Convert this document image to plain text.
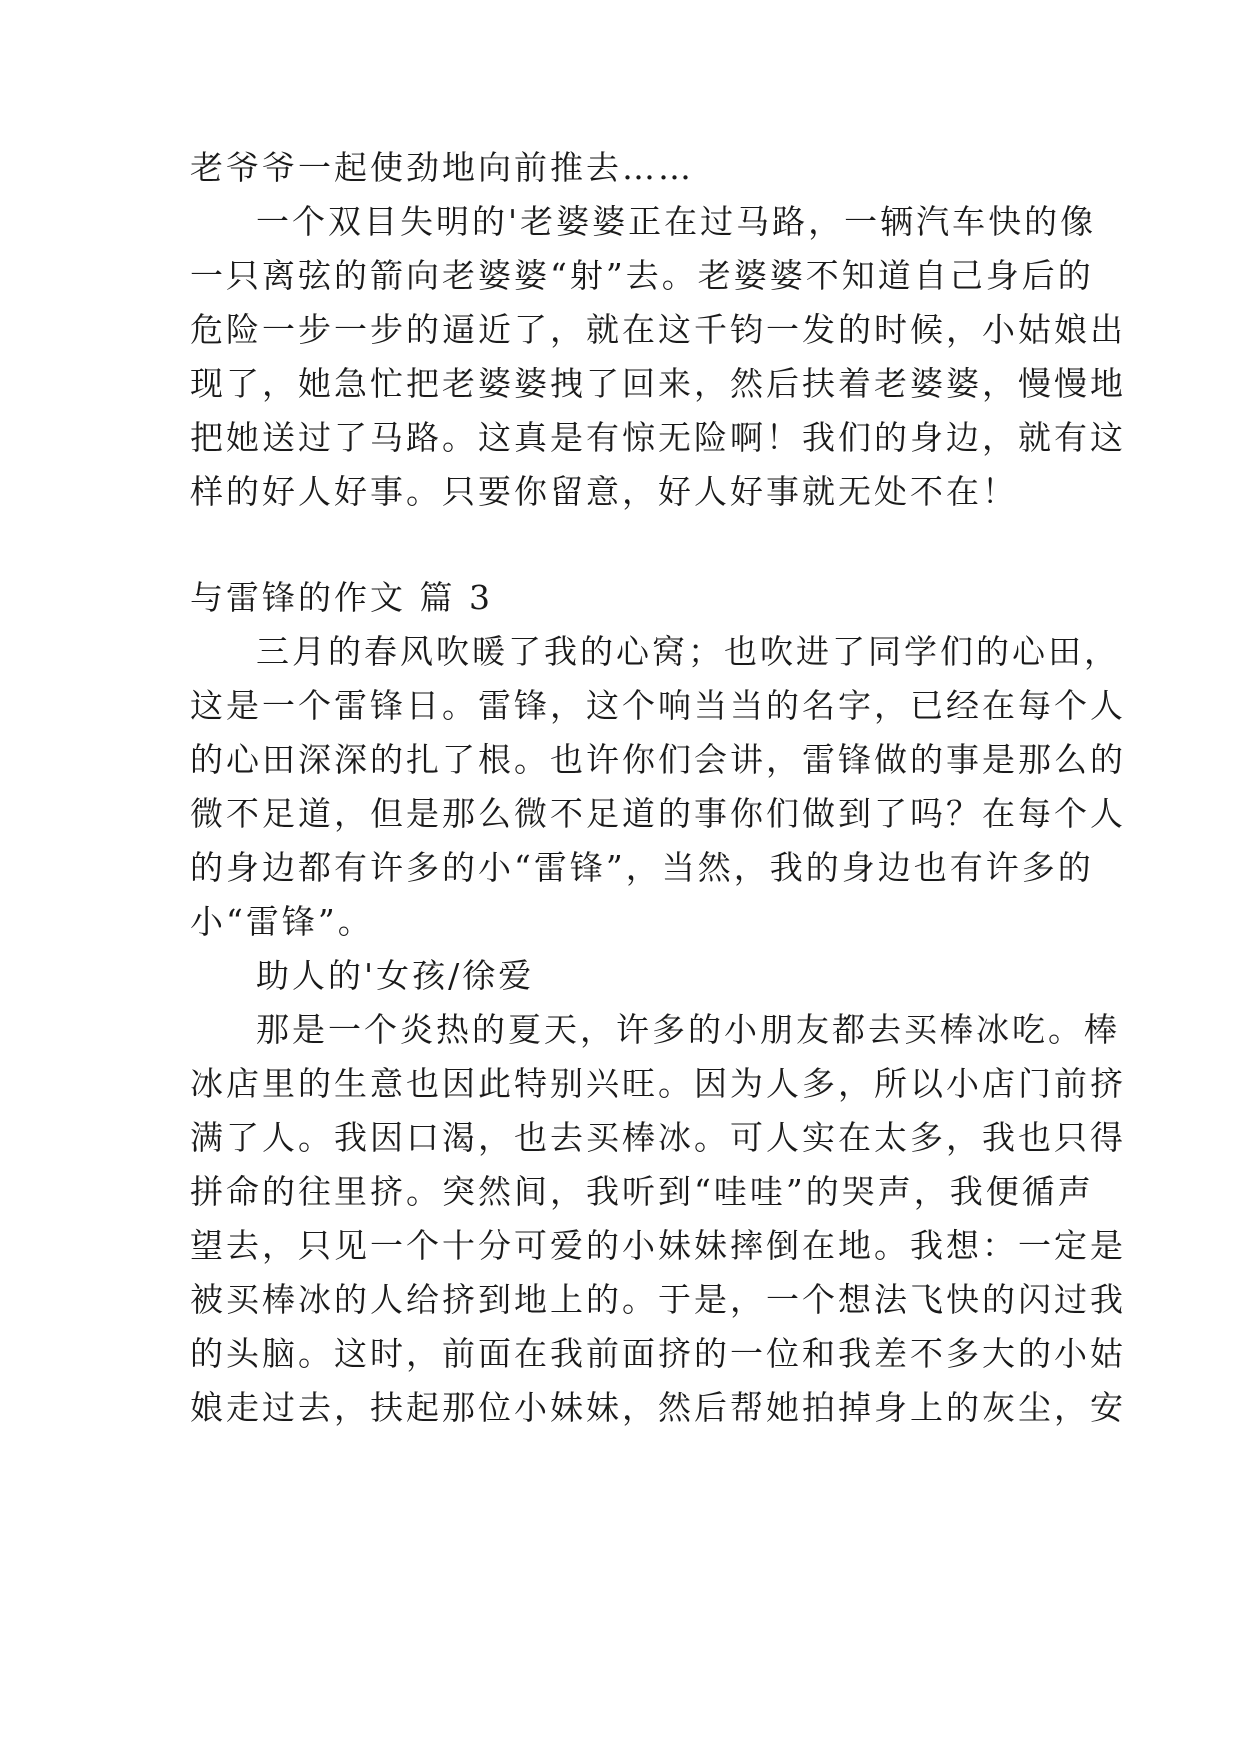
老爷爷一起使劲地向前推去……
一个双目失明的'老婆婆正在过马路，一辆汽车快的像
一只离弦的箭向老婆婆“射”去。老婆婆不知道自己身后的
危险一步一步的逼近了，就在这千钧一发的时候，小姑娘出
现了，她急忙把老婆婆拽了回来，然后扶着老婆婆，慢慢地
把她送过了马路。这真是有惊无险啊！我们的身边，就有这
样的好人好事。只要你留意，好人好事就无处不在！
与雷锋的作文 篇 3
三月的春风吹暖了我的心窝；也吹进了同学们的心田，
这是一个雷锋日。雷锋，这个响当当的名字，已经在每个人
的心田深深的扎了根。也许你们会讲，雷锋做的事是那么的
微不足道，但是那么微不足道的事你们做到了吗？在每个人
的身边都有许多的小“雷锋”，当然，我的身边也有许多的
小“雷锋”。
助人的'女孩/徐爱
那是一个炎热的夏天，许多的小朋友都去买棒冰吃。棒
冰店里的生意也因此特别兴旺。因为人多，所以小店门前挤
满了人。我因口渴，也去买棒冰。可人实在太多，我也只得
拼命的往里挤。突然间，我听到“哇哇”的哭声，我便循声
望去，只见一个十分可爱的小妹妹摔倒在地。我想：一定是
被买棒冰的人给挤到地上的。于是，一个想法飞快的闪过我
的头脑。这时，前面在我前面挤的一位和我差不多大的小姑
娘走过去，扶起那位小妹妹，然后帮她拍掉身上的灰尘，安
